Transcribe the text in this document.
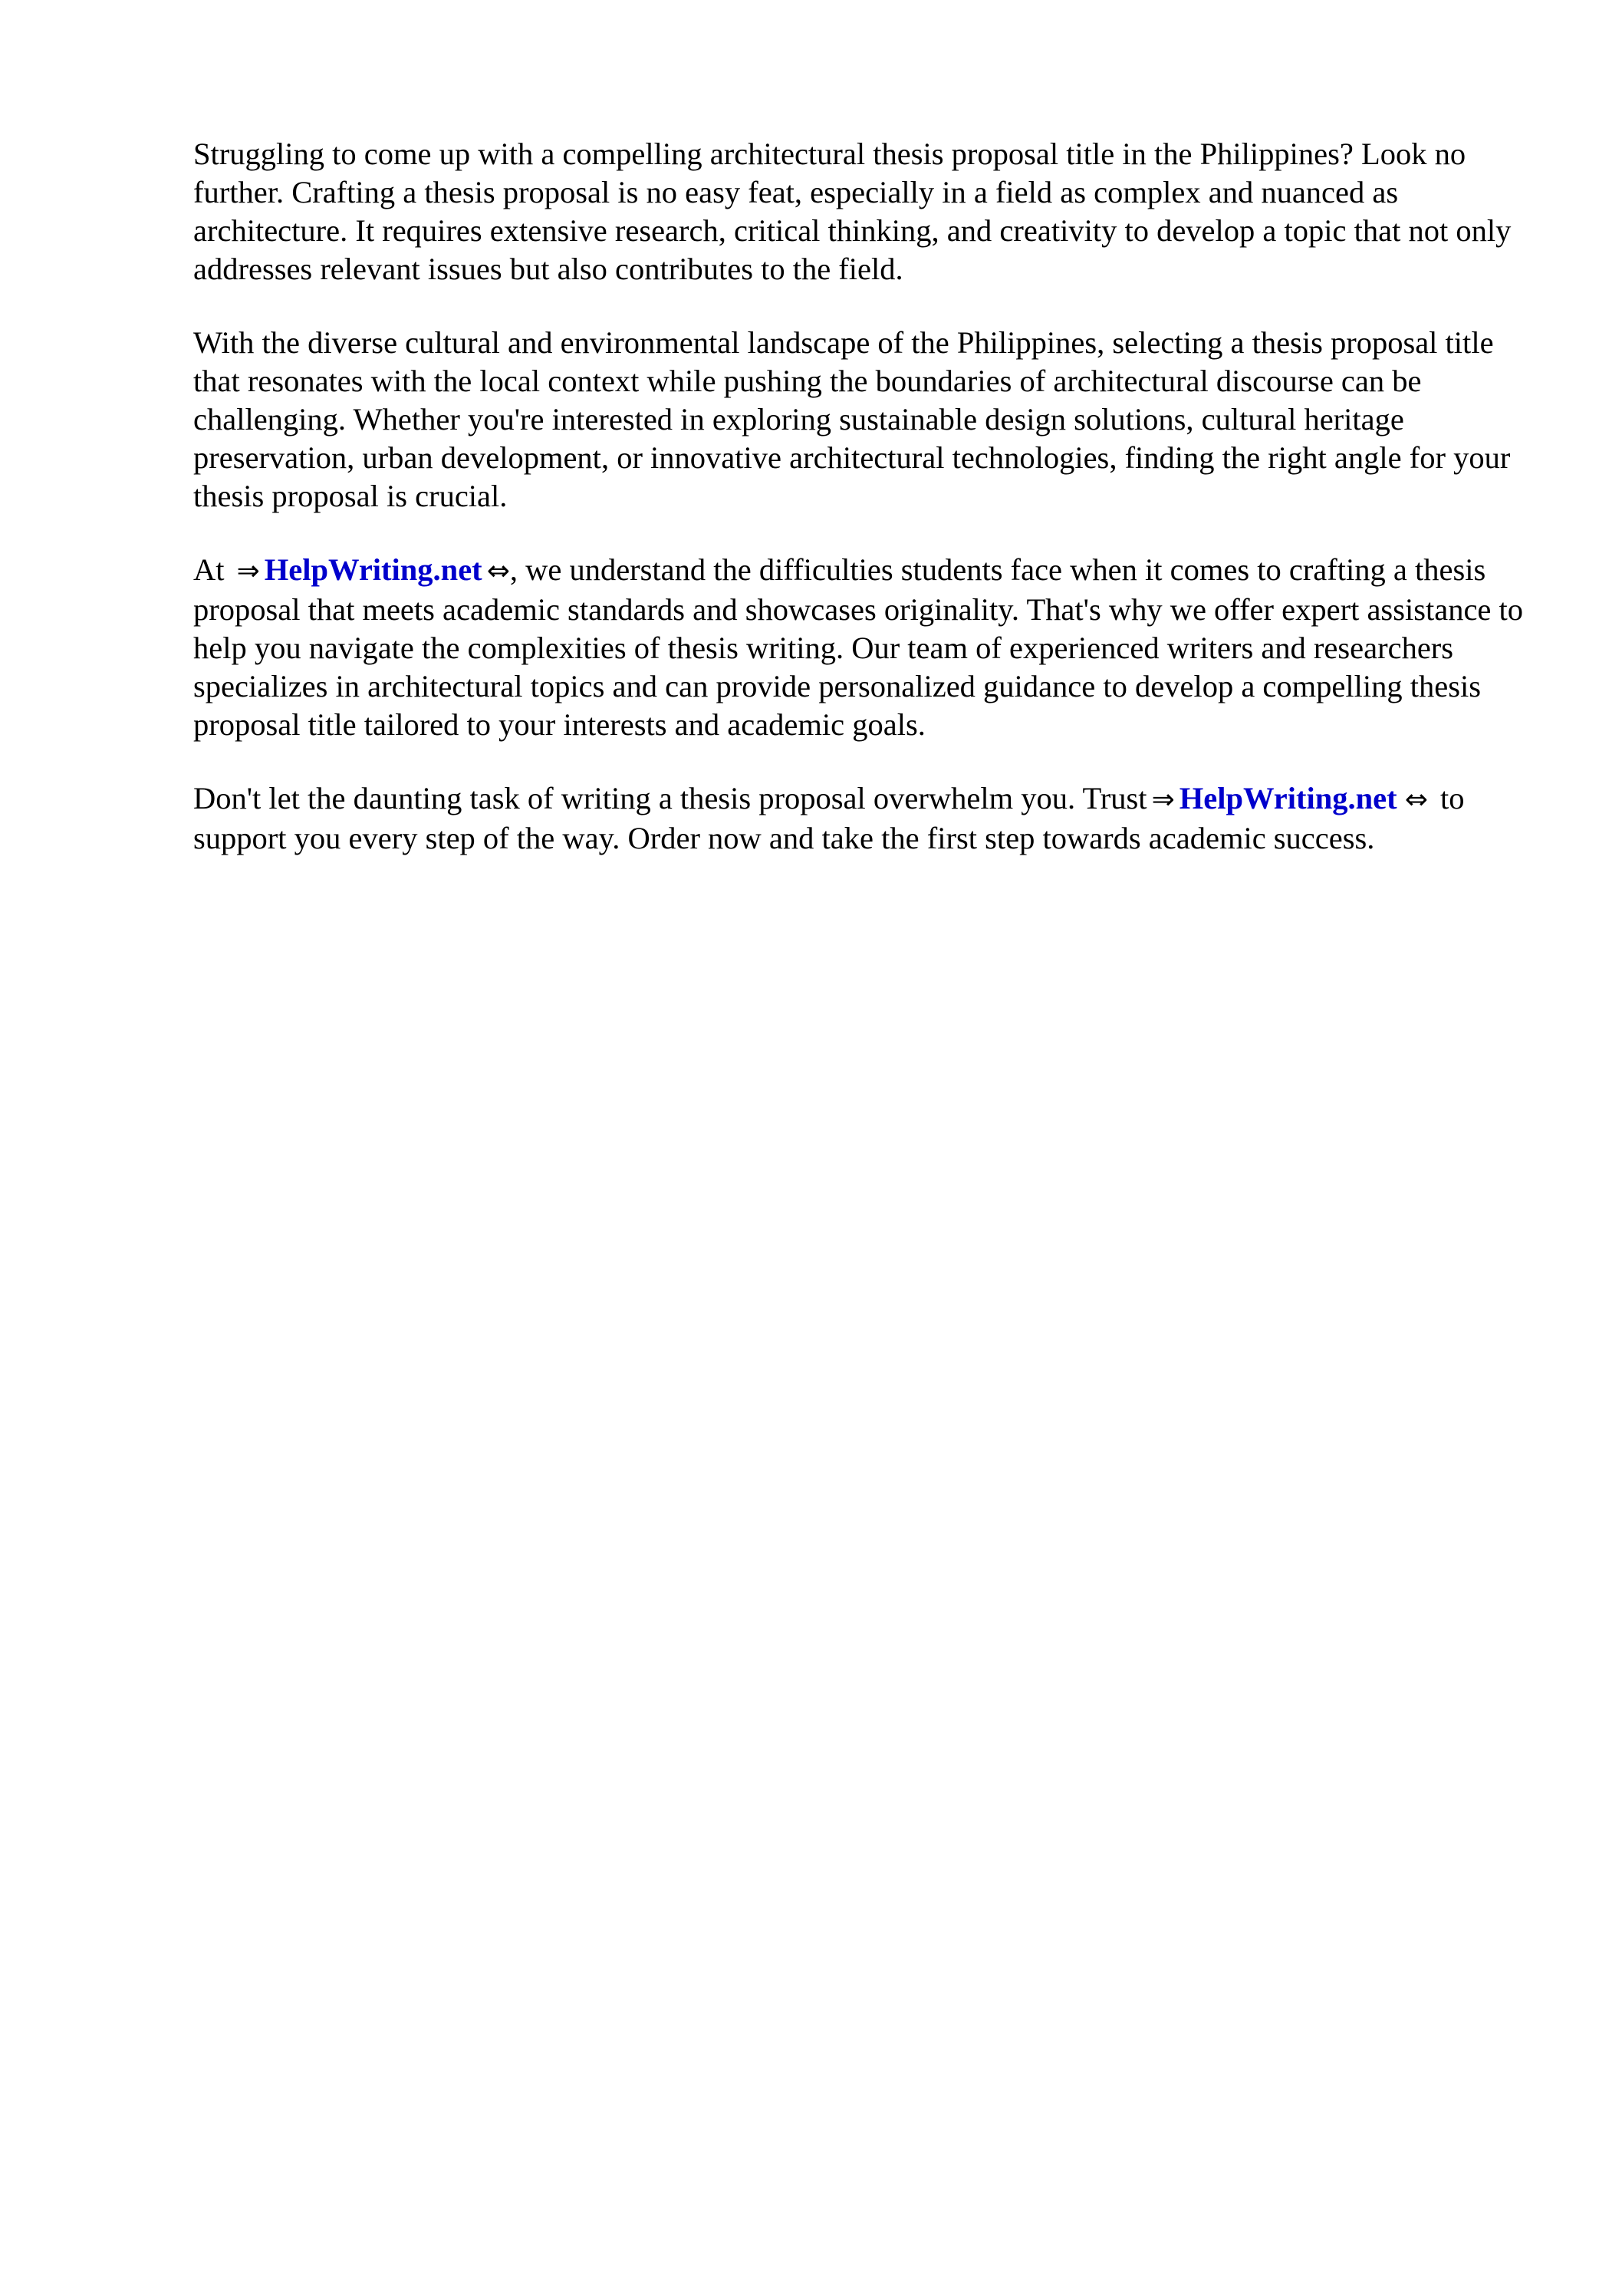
Struggling to come up with a compelling architectural thesis proposal title in the Philippines? Look no further. Crafting a thesis proposal is no easy feat, especially in a field as complex and nuanced as architecture. It requires extensive research, critical thinking, and creativity to develop a topic that not only addresses relevant issues but also contributes to the field.

With the diverse cultural and environmental landscape of the Philippines, selecting a thesis proposal title that resonates with the local context while pushing the boundaries of architectural discourse can be challenging. Whether you're interested in exploring sustainable design solutions, cultural heritage preservation, urban development, or innovative architectural technologies, finding the right angle for your thesis proposal is crucial.

At ⇒ HelpWriting.net ⇔, we understand the difficulties students face when it comes to crafting a thesis proposal that meets academic standards and showcases originality. That's why we offer expert assistance to help you navigate the complexities of thesis writing. Our team of experienced writers and researchers specializes in architectural topics and can provide personalized guidance to develop a compelling thesis proposal title tailored to your interests and academic goals.

Don't let the daunting task of writing a thesis proposal overwhelm you. Trust ⇒ HelpWriting.net ⇔ to support you every step of the way. Order now and take the first step towards academic success.
